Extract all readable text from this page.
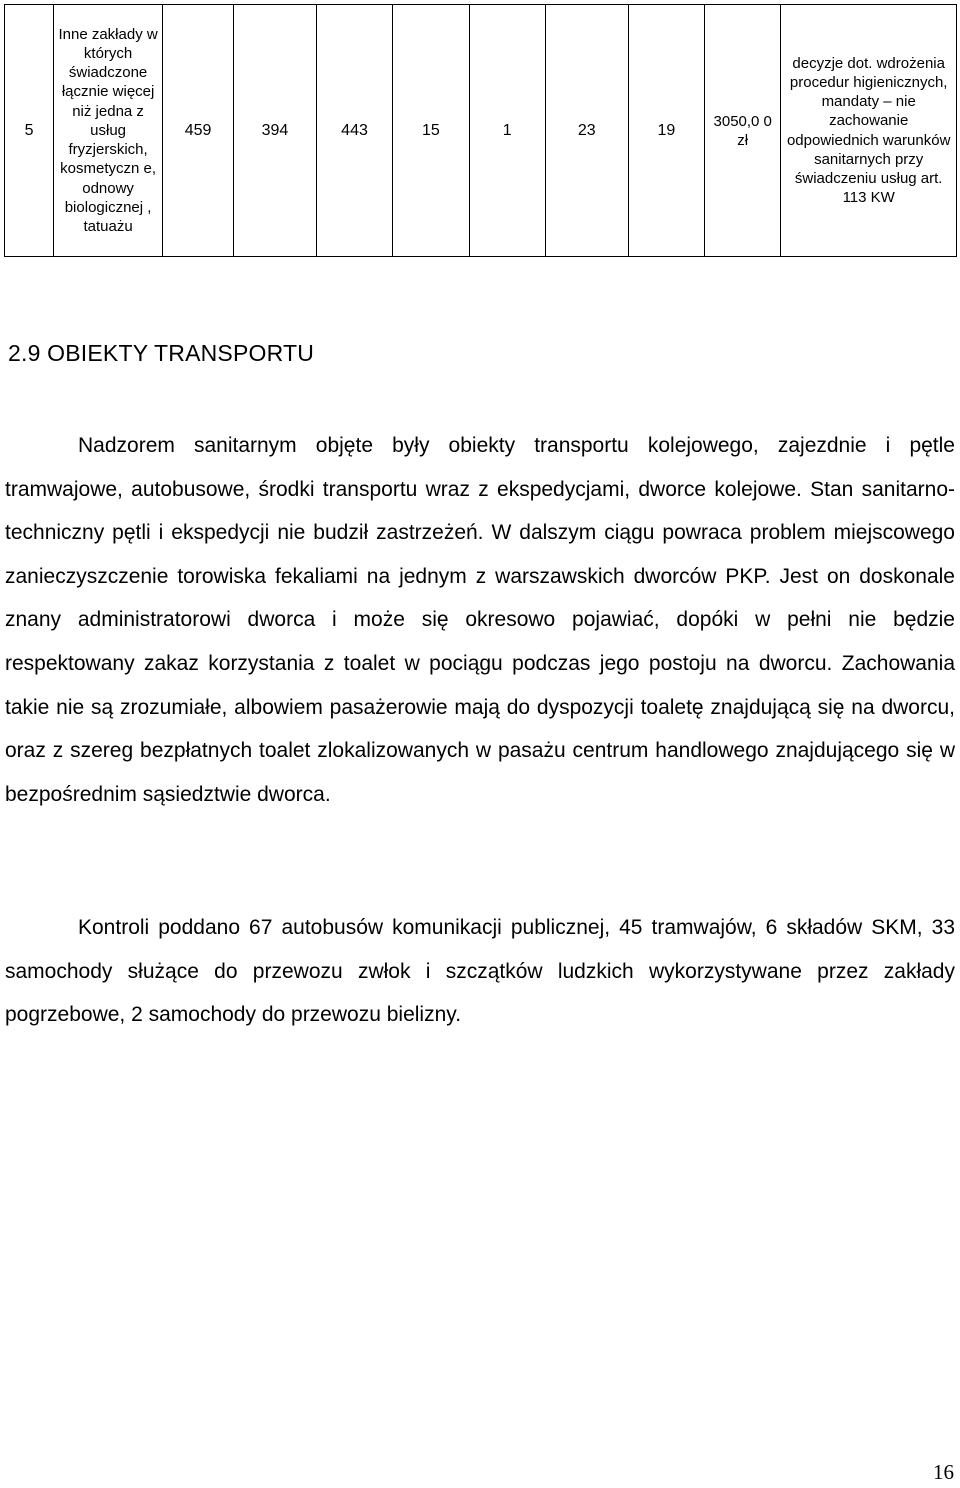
5	Inne zakłady w których świadczone łącznie więcej niż jedna z usług fryzjerskich, kosmetyczn e, odnowy biologicznej , tatuażu	459	394	443	15	1	23	19	3050,0 0 zł	decyzje dot. wdrożenia procedur higienicznych, mandaty – nie zachowanie odpowiednich warunków sanitarnych przy świadczeniu usług art. 113 KW
2.9 OBIEKTY TRANSPORTU

Nadzorem sanitarnym objęte były obiekty transportu kolejowego, zajezdnie i pętle tramwajowe, autobusowe, środki transportu wraz z ekspedycjami, dworce kolejowe. Stan sanitarno-techniczny pętli i ekspedycji nie budził zastrzeżeń. W dalszym ciągu powraca problem miejscowego zanieczyszczenie torowiska fekaliami na jednym z warszawskich dworców PKP. Jest on doskonale znany administratorowi dworca i może się okresowo pojawiać, dopóki w pełni nie będzie respektowany zakaz korzystania z toalet w pociągu podczas jego postoju na dworcu. Zachowania takie nie są zrozumiałe, albowiem pasażerowie mają do dyspozycji toaletę znajdującą się na dworcu, oraz z szereg bezpłatnych toalet zlokalizowanych w pasażu centrum handlowego znajdującego się w bezpośrednim sąsiedztwie dworca.

Kontroli poddano 67 autobusów komunikacji publicznej, 45 tramwajów, 6 składów SKM, 33 samochody służące do przewozu zwłok i szczątków ludzkich wykorzystywane przez zakłady pogrzebowe, 2 samochody do przewozu bielizny.

16
